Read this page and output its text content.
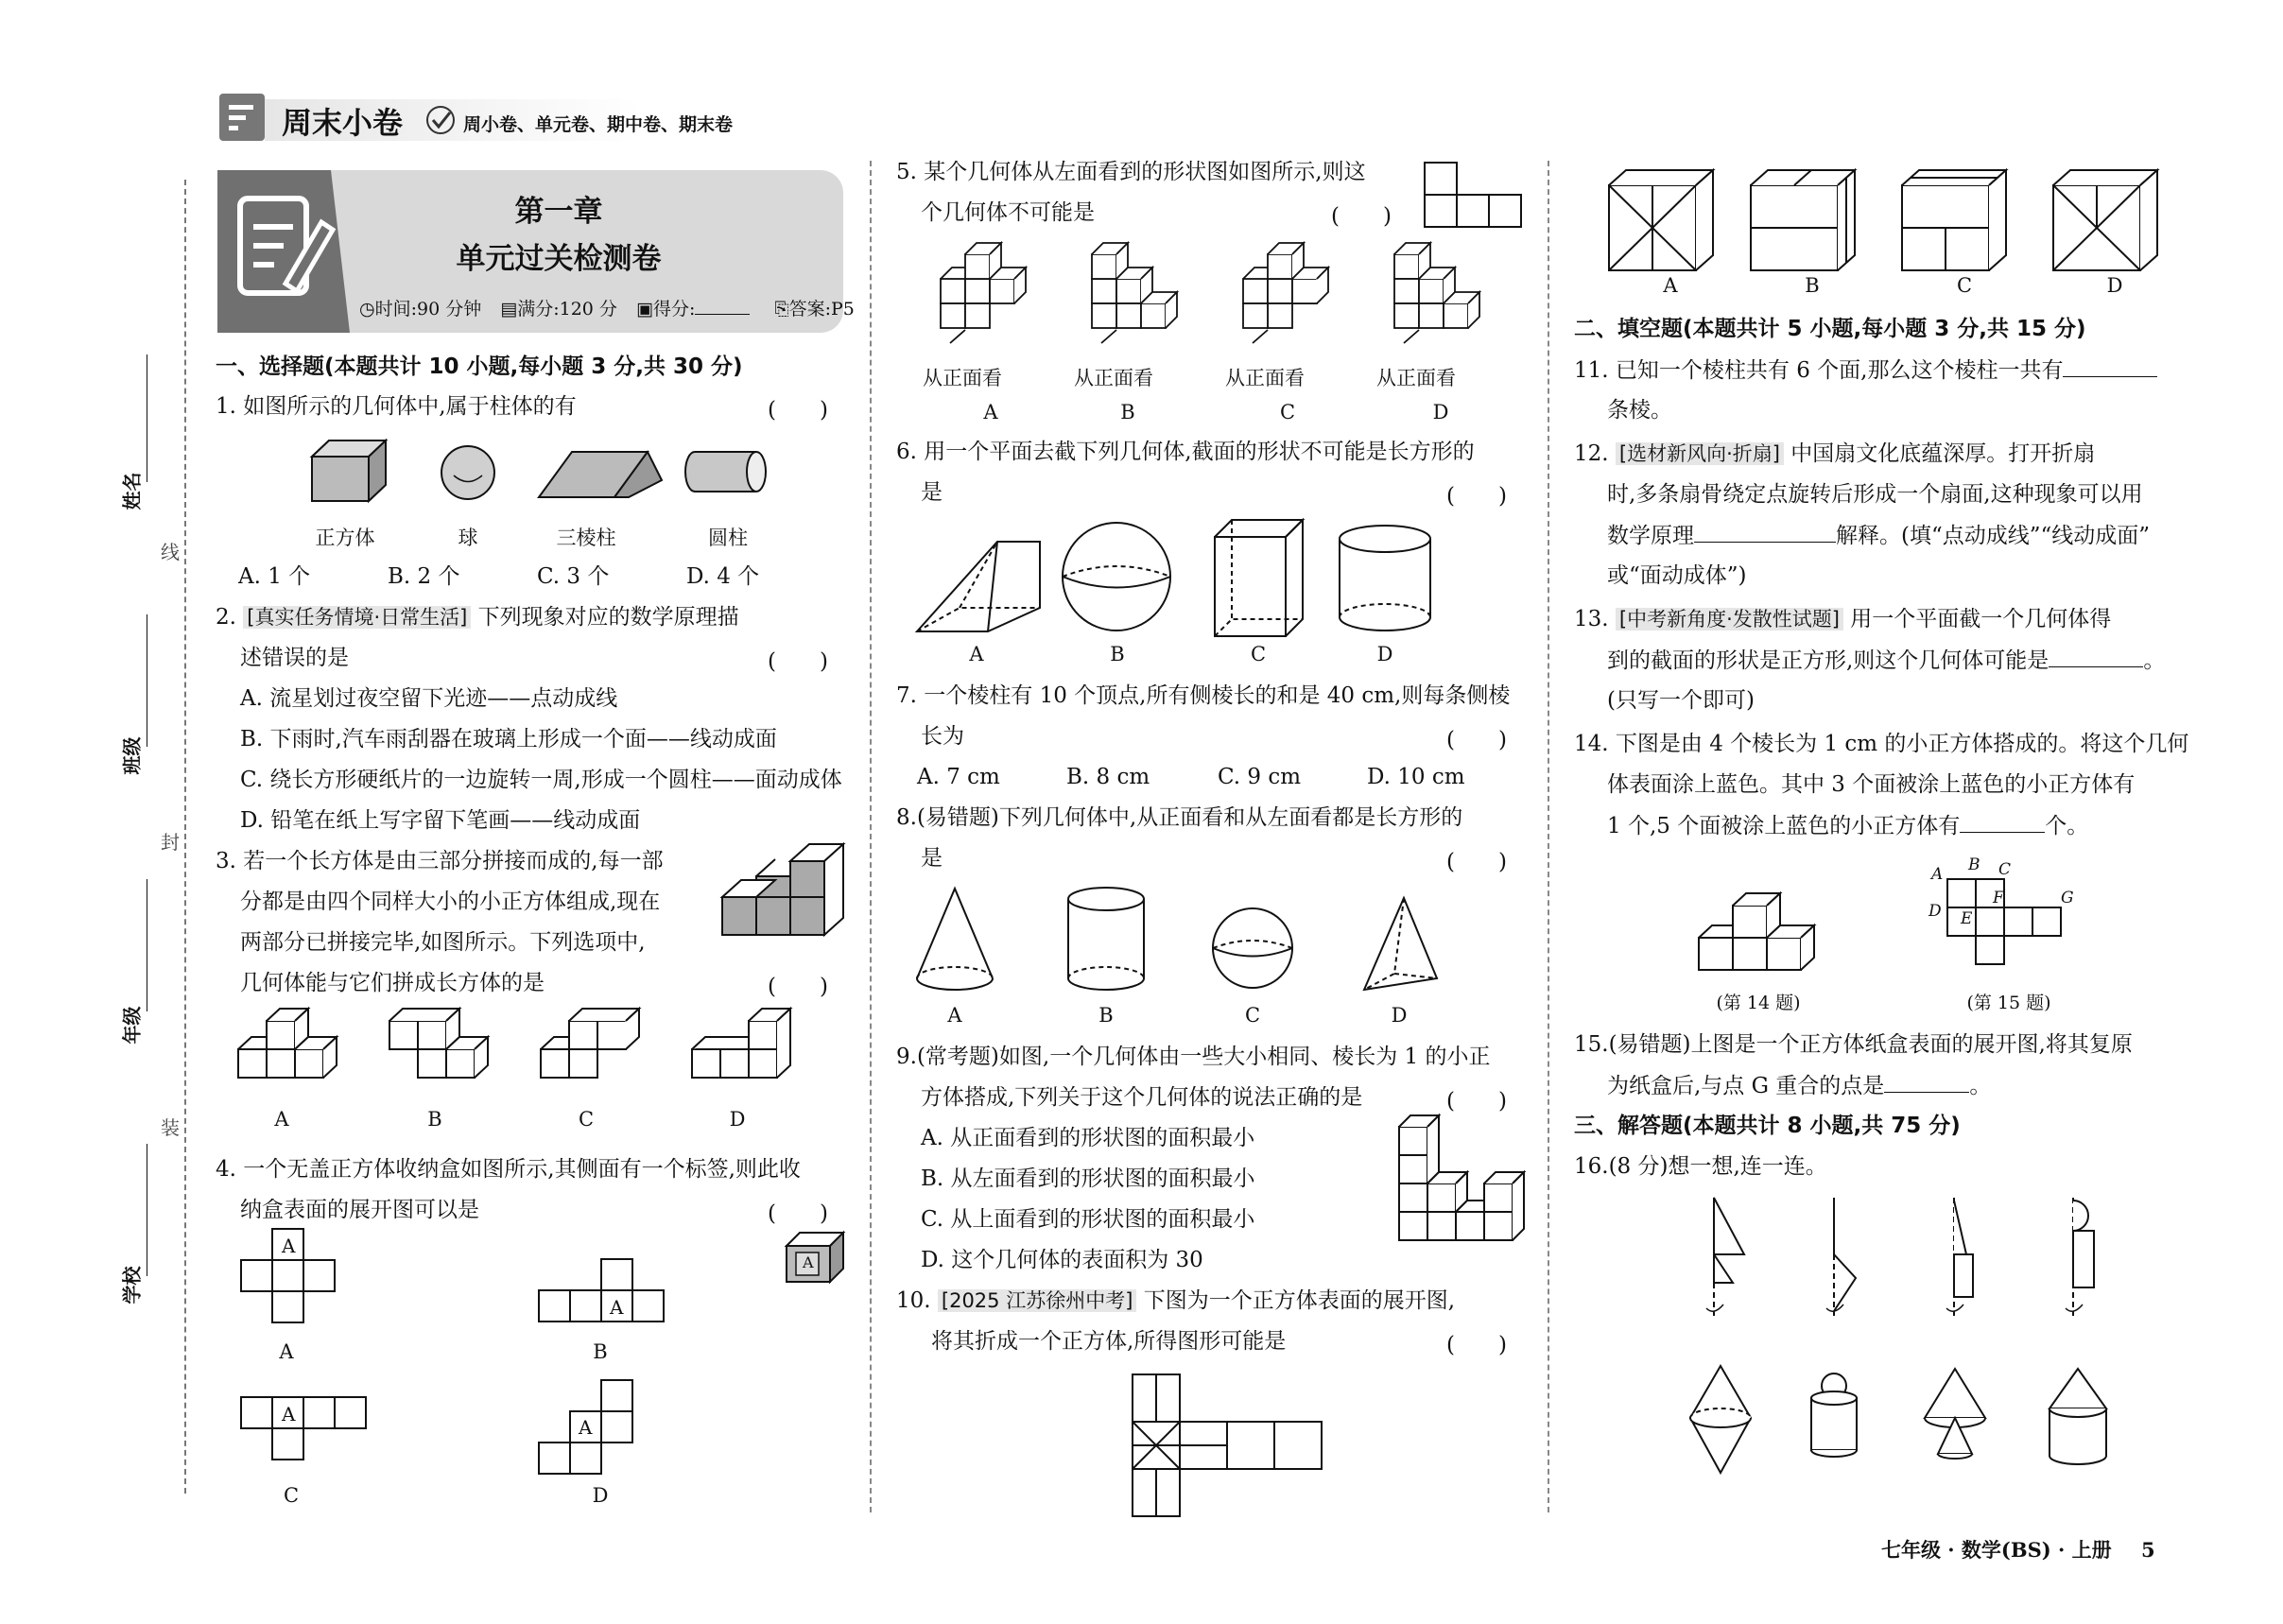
周末小卷	周小卷、单元卷、期中卷、期末卷
姓名
班级
年级
学校
线
封
装
第一章
单元过关检测卷
◷时间:90 分钟 ▤满分:120 分 ▣得分:	⎘答案:P5
一、选择题(本题共计 10 小题,每小题 3 分,共 30 分)
1. 如图所示的几何体中,属于柱体的有	(　　)
正方体	球	三棱柱	圆柱
A. 1 个	B. 2 个	C. 3 个	D. 4 个
2. [真实任务情境·日常生活] 下列现象对应的数学原理描
述错误的是	(　　)
A. 流星划过夜空留下光迹——点动成线
B. 下雨时,汽车雨刮器在玻璃上形成一个面——线动成面
C. 绕长方形硬纸片的一边旋转一周,形成一个圆柱——面动成体
D. 铅笔在纸上写字留下笔画——线动成面
3. 若一个长方体是由三部分拼接而成的,每一部
分都是由四个同样大小的小正方体组成,现在
两部分已拼接完毕,如图所示。下列选项中,
几何体能与它们拼成长方体的是	(　　)
A	B	C	D
4. 一个无盖正方体收纳盒如图所示,其侧面有一个标签,则此收
纳盒表面的展开图可以是	(　　)
A
A
A
A
A
A	B
C	D
5. 某个几何体从左面看到的形状图如图所示,则这
个几何体不可能是	(　　)
从正面看	从正面看	从正面看	从正面看
A	B	C	D
6. 用一个平面去截下列几何体,截面的形状不可能是长方形的
是	(　　)
A	B	C	D
7. 一个棱柱有 10 个顶点,所有侧棱长的和是 40 cm,则每条侧棱
长为	(　　)
A. 7 cm	B. 8 cm	C. 9 cm	D. 10 cm
8.(易错题)下列几何体中,从正面看和从左面看都是长方形的
是	(　　)
A	B	C	D
9.(常考题)如图,一个几何体由一些大小相同、棱长为 1 的小正
方体搭成,下列关于这个几何体的说法正确的是	(　　)
A. 从正面看到的形状图的面积最小
B. 从左面看到的形状图的面积最小
C. 从上面看到的形状图的面积最小
D. 这个几何体的表面积为 30
10. [2025 江苏徐州中考] 下图为一个正方体表面的展开图,
将其折成一个正方体,所得图形可能是	(　　)
A	B	C	D
二、填空题(本题共计 5 小题,每小题 3 分,共 15 分)
11. 已知一个棱柱共有 6 个面,那么这个棱柱一共有
条棱。
12. [选材新风向·折扇] 中国扇文化底蕴深厚。打开折扇
时,多条扇骨绕定点旋转后形成一个扇面,这种现象可以用
数学原理	解释。(填“点动成线”“线动成面”
或“面动成体”)
13. [中考新角度·发散性试题] 用一个平面截一个几何体得
到的截面的形状是正方形,则这个几何体可能是	。
(只写一个即可)
14. 下图是由 4 个棱长为 1 cm 的小正方体搭成的。将这个几何
体表面涂上蓝色。其中 3 个面被涂上蓝色的小正方体有
1 个,5 个面被涂上蓝色的小正方体有	个。
(第 14 题)
A B C
D E
F	G
(第 15 题)
15.(易错题)上图是一个正方体纸盒表面的展开图,将其复原
为纸盒后,与点 G 重合的点是	。
三、解答题(本题共计 8 小题,共 75 分)
16.(8 分)想一想,连一连。
七年级 · 数学(BS) · 上册 5
